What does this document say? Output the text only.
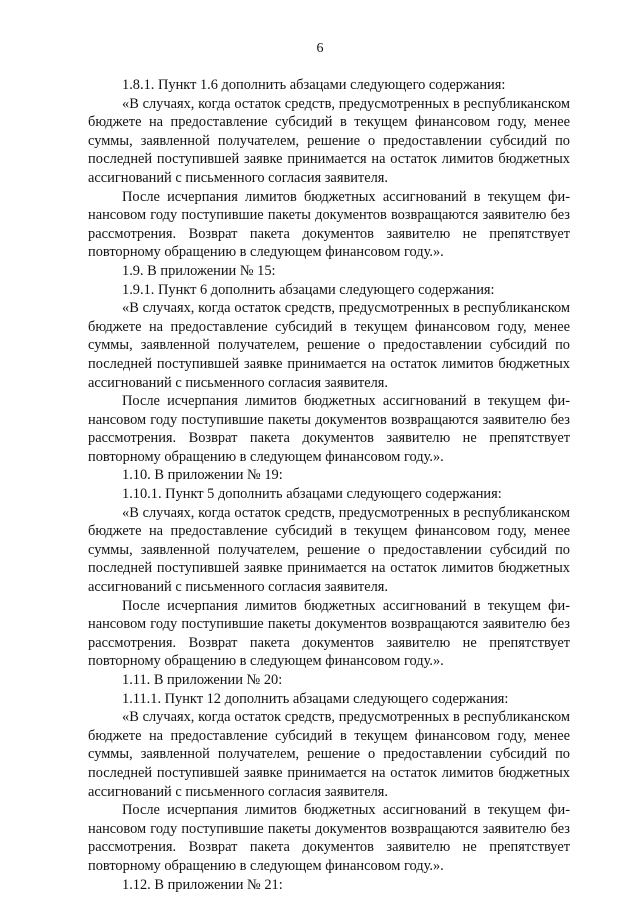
6

1.8.1. Пункт 1.6 дополнить абзацами следующего содержания:

«В случаях, когда остаток средств, предусмотренных в республиканском бюджете на предоставление субсидий в текущем финансовом году, менее суммы, заявленной получателем, решение о предоставлении субсидий по последней поступившей заявке принимается на остаток лимитов бюджетных ассигнований с письменного согласия заявителя.

После исчерпания лимитов бюджетных ассигнований в текущем финансовом году поступившие пакеты документов возвращаются заявителю без рассмотрения. Возврат пакета документов заявителю не препятствует повторному обращению в следующем финансовом году.».

1.9. В приложении № 15:

1.9.1. Пункт 6 дополнить абзацами следующего содержания:

«В случаях, когда остаток средств, предусмотренных в республиканском бюджете на предоставление субсидий в текущем финансовом году, менее суммы, заявленной получателем, решение о предоставлении субсидий по последней поступившей заявке принимается на остаток лимитов бюджетных ассигнований с письменного согласия заявителя.

После исчерпания лимитов бюджетных ассигнований в текущем финансовом году поступившие пакеты документов возвращаются заявителю без рассмотрения. Возврат пакета документов заявителю не препятствует повторному обращению в следующем финансовом году.».

1.10. В приложении № 19:

1.10.1. Пункт 5 дополнить абзацами следующего содержания:

«В случаях, когда остаток средств, предусмотренных в республиканском бюджете на предоставление субсидий в текущем финансовом году, менее суммы, заявленной получателем, решение о предоставлении субсидий по последней поступившей заявке принимается на остаток лимитов бюджетных ассигнований с письменного согласия заявителя.

После исчерпания лимитов бюджетных ассигнований в текущем финансовом году поступившие пакеты документов возвращаются заявителю без рассмотрения. Возврат пакета документов заявителю не препятствует повторному обращению в следующем финансовом году.».

1.11. В приложении № 20:

1.11.1. Пункт 12 дополнить абзацами следующего содержания:

«В случаях, когда остаток средств, предусмотренных в республиканском бюджете на предоставление субсидий в текущем финансовом году, менее суммы, заявленной получателем, решение о предоставлении субсидий по последней поступившей заявке принимается на остаток лимитов бюджетных ассигнований с письменного согласия заявителя.

После исчерпания лимитов бюджетных ассигнований в текущем финансовом году поступившие пакеты документов возвращаются заявителю без рассмотрения. Возврат пакета документов заявителю не препятствует повторному обращению в следующем финансовом году.».

1.12. В приложении № 21:
